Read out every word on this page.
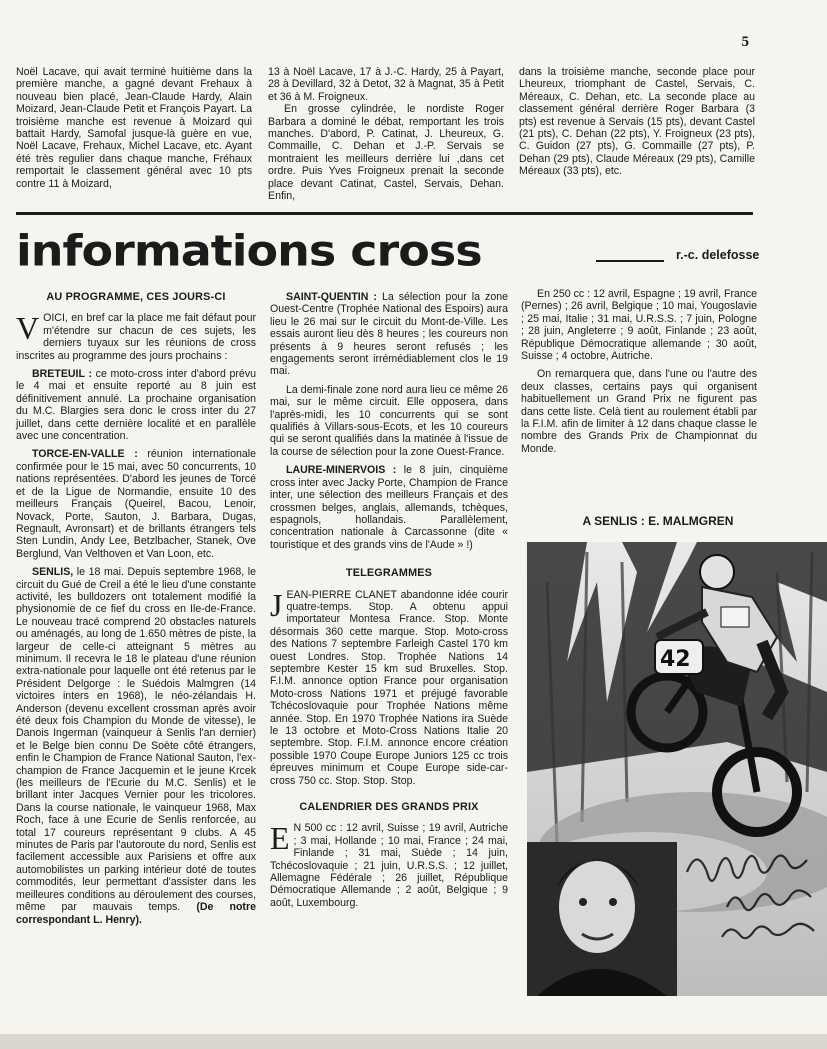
5

Noël Lacave, qui avait terminé huitième dans la première manche, a gagné devant Frehaux à nouveau bien placé, Jean-Claude Hardy, Alain Moizard, Jean-Claude Petit et François Payart. La troisième manche est revenue à Moizard qui battait Hardy, Samofal jusque-là guère en vue, Noël Lacave, Frehaux, Michel Lacave, etc. Ayant été très regulier dans chaque manche, Fréhaux remportait le classement général avec 10 pts contre 11 à Moizard,

13 à Noël Lacave, 17 à J.-C. Hardy, 25 à Payart, 28 à Devillard, 32 à Detot, 32 à Magnat, 35 à Petit et 36 à M. Froigneux.

En grosse cylindrée, le nordiste Roger Barbara a dominé le débat, remportant les trois manches. D'abord, P. Catinat, J. Lheureux, G. Commaille, C. Dehan et J.-P. Servais se montraient les meilleurs derrière lui ,dans cet ordre. Puis Yves Froigneux prenait la seconde place devant Catinat, Castel, Servais, Dehan. Enfin,

dans la troisième manche, seconde place pour Lheureux, triomphant de Castel, Servais, C. Méreaux, C. Dehan, etc. La seconde place au classement général derrière Roger Barbara (3 pts) est revenue à Servais (15 pts), devant Castel (21 pts), C. Dehan (22 pts), Y. Froigneux (23 pts), C. Guidon (27 pts), G. Commaille (27 pts), P. Dehan (29 pts), Claude Méreaux (29 pts), Camille Méreaux (33 pts), etc.

informations cross	r.-c. delefosse
AU PROGRAMME, CES JOURS-CI

VOICI, en bref car la place me fait défaut pour m'étendre sur chacun de ces sujets, les derniers tuyaux sur les réunions de cross inscrites au programme des jours prochains :

BRETEUIL : ce moto-cross inter d'abord prévu le 4 mai et ensuite reporté au 8 juin est définitivement annulé. La prochaine organisation du M.C. Blargies sera donc le cross inter du 27 juillet, dans cette dernière localité et en parallèle avec une concentration.

TORCE-EN-VALLE : réunion internationale confirmée pour le 15 mai, avec 50 concurrents, 10 nations représentées. D'abord les jeunes de Torcé et de la Ligue de Normandie, ensuite 10 des meilleurs Français (Queirel, Bacou, Lenoir, Novack, Porte, Sauton, J. Barbara, Dugas, Regnault, Avronsart) et de brillants étrangers tels Sten Lundin, Andy Lee, Betzlbacher, Stanek, Ove Berglund, Van Velthoven et Van Loon, etc.

SENLIS, le 18 mai. Depuis septembre 1968, le circuit du Gué de Creil a été le lieu d'une constante activité, les bulldozers ont totalement modifié la physionomie de ce fief du cross en Ile-de-France. Le nouveau tracé comprend 20 obstacles naturels ou aménagés, au long de 1.650 mètres de piste, la largeur de celle-ci atteignant 5 mètres au minimum. Il recevra le 18 le plateau d'une réunion extra-nationale pour laquelle ont été retenus par le Président Delgorge : le Suédois Malmgren (14 victoires inters en 1968), le néo-zélandais H. Anderson (devenu excellent crossman après avoir été deux fois Champion du Monde de vitesse), le Danois Ingerman (vainqueur à Senlis l'an dernier) et le Belge bien connu De Soète côté étrangers, enfin le Champion de France National Sauton, l'ex-champion de France Jacquemin et le jeune Krcek (les meilleurs de l'Ecurie du M.C. Senlis) et le brillant inter Jacques Vernier pour les tricolores. Dans la course nationale, le vainqueur 1968, Max Roch, face à une Ecurie de Senlis renforcée, au total 17 coureurs représentant 9 clubs. A 45 minutes de Paris par l'autoroute du nord, Senlis est facilement accessible aux Parisiens et offre aux automobilistes un parking intérieur doté de toutes commodités, leur permettant d'assister dans les meilleures conditions au déroulement des courses, même par mauvais temps. (De notre correspondant L. Henry).

SAINT-QUENTIN : La sélection pour la zone Ouest-Centre (Trophée National des Espoirs) aura lieu le 26 mai sur le circuit du Mont-de-Ville. Les essais auront lieu dès 8 heures ; les coureurs non présents à 9 heures seront refusés ; les engagements seront irrémédiablement clos le 19 mai.

La demi-finale zone nord aura lieu ce même 26 mai, sur le même circuit. Elle opposera, dans l'après-midi, les 10 concurrents qui se sont qualifiés à Villars-sous-Ecots, et les 10 coureurs qui se seront qualifiés dans la matinée à l'issue de la course de sélection pour la zone Ouest-France.

LAURE-MINERVOIS : le 8 juin, cinquième cross inter avec Jacky Porte, Champion de France inter, une sélection des meilleurs Français et des crossmen belges, anglais, allemands, tchèques, espagnols, hollandais. Parallèlement, concentration nationale à Carcassonne (dite « touristique et des grands vins de l'Aude » !)

TELEGRAMMES

JEAN-PIERRE CLANET abandonne idée courir quatre-temps. Stop. A obtenu appui importateur Montesa France. Stop. Monte désormais 360 cette marque. Stop. Moto-cross des Nations 7 septembre Farleigh Castel 170 km ouest Londres. Stop. Trophée Nations 14 septembre Kester 15 km sud Bruxelles. Stop. F.I.M. annonce option France pour organisation Moto-cross Nations 1971 et préjugé favorable Tchécoslovaquie pour Trophée Nations même année. Stop. En 1970 Trophée Nations ira Suède le 13 octobre et Moto-Cross Nations Italie 20 septembre. Stop. F.I.M. annonce encore création possible 1970 Coupe Europe Juniors 125 cc trois épreuves minimum et Coupe Europe side-car-cross 750 cc. Stop. Stop. Stop.

CALENDRIER DES GRANDS PRIX

E N 500 cc : 12 avril, Suisse ; 19 avril, Autriche ; 3 mai, Hollande ; 10 mai, France ; 24 mai, Finlande ; 31 mai, Suède ; 14 juin, Tchécoslovaquie ; 21 juin, U.R.S.S. ; 12 juillet, Allemagne Fédérale ; 26 juillet, République Démocratique Allemande ; 2 août, Belgique ; 9 août, Luxembourg.

En 250 cc : 12 avril, Espagne ; 19 avril, France (Pernes) ; 26 avril, Belgique ; 10 mai, Yougoslavie ; 25 mai, Italie ; 31 mai, U.R.S.S. ; 7 juin, Pologne ; 28 juin, Angleterre ; 9 août, Finlande ; 23 août, République Démocratique allemande ; 30 août, Suisse ; 4 octobre, Autriche.

On remarquera que, dans l'une ou l'autre des deux classes, certains pays qui organisent habituellement un Grand Prix ne figurent pas dans cette liste. Celà tient au roulement établi par la F.I.M. afin de limiter à 12 dans chaque classe le nombre des Grands Prix de Championnat du Monde.

A SENLIS : E. MALMGREN
42
